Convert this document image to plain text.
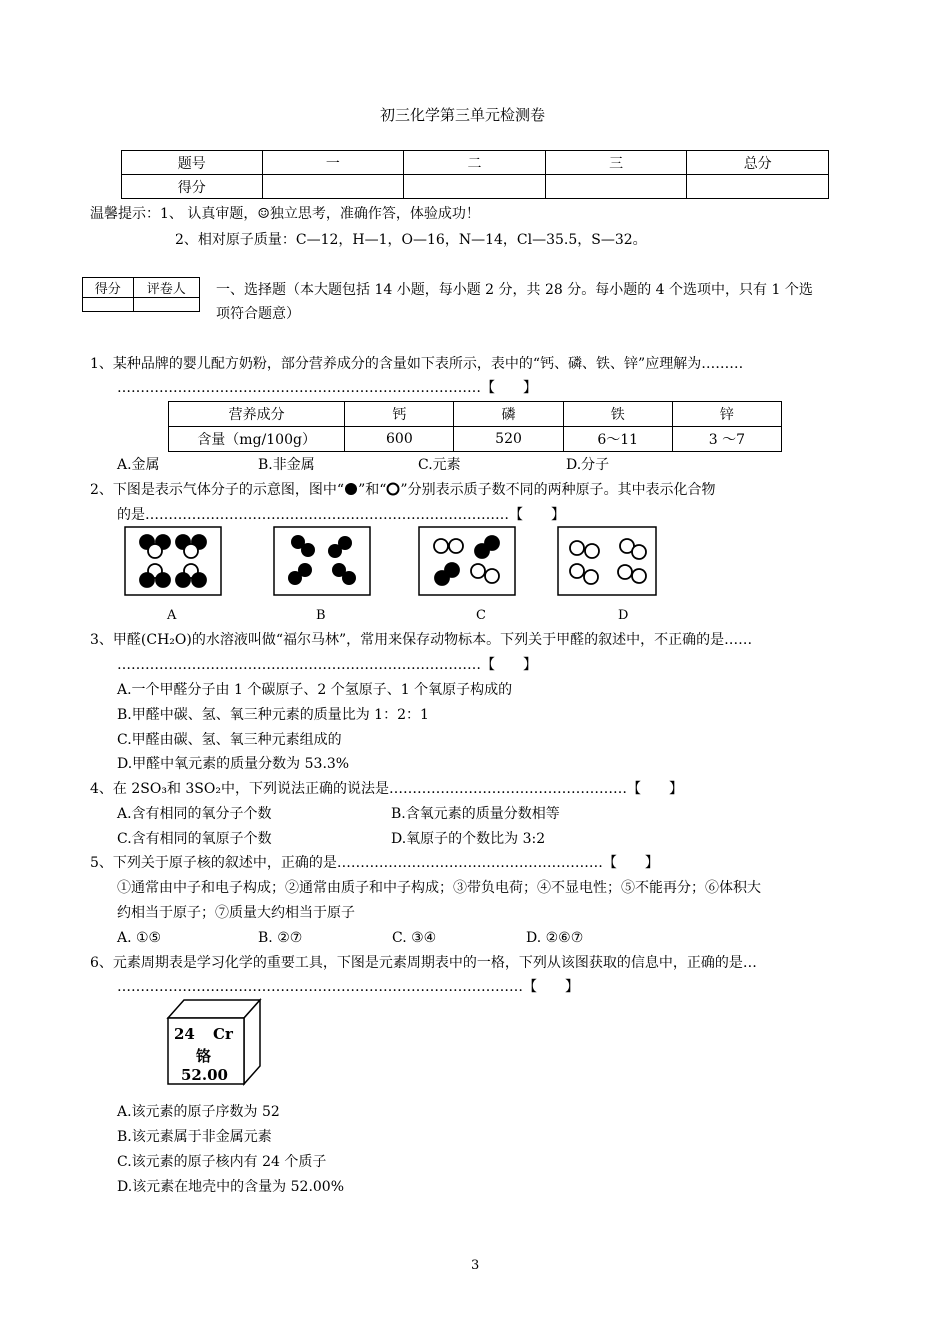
初三化学第三单元检测卷
题号	一	二	三	总分
得分				
温馨提示：1、 认真审题，☺独立思考，准确作答，体验成功！
2、相对原子质量：C—12，H—1，O—16，N—14，Cl—35.5，S—32。
得分	评卷人
	一、选择题（本大题包括 14 小题，每小题 2 分，共 28 分。每小题的 4 个选项中，只有 1 个选
项符合题意）
1、某种品牌的婴儿配方奶粉，部分营养成分的含量如下表所示，表中的“钙、磷、铁、锌”应理解为………
……………………………………………………………………【　　】
营养成分	钙	磷	铁	锌
含量（mg/100g）	600	520	6～11	3 ～7
A.金属	B.非金属	C.元素	D.分子
2、下图是表示气体分子的示意图，图中“ ”和“ ”分别表示质子数不同的两种原子。其中表示化合物
的是……………………………………………………………………【　　】
A	B	C	D
3、甲醛(CH₂O)的水溶液叫做“福尔马林”，常用来保存动物标本。下列关于甲醛的叙述中，不正确的是……
……………………………………………………………………【　　】
A.一个甲醛分子由 1 个碳原子、2 个氢原子、1 个氧原子构成的
B.甲醛中碳、氢、氧三种元素的质量比为 1：2：1
C.甲醛由碳、氢、氧三种元素组成的
D.甲醛中氧元素的质量分数为 53.3%
4、在 2SO₃和 3SO₂中，下列说法正确的说法是……………………………………………【　　】
A.含有相同的氧分子个数	B.含氧元素的质量分数相等
C.含有相同的氧原子个数	D.氧原子的个数比为 3:2
5、下列关于原子核的叙述中，正确的是…………………………………………………【　　】
①通常由中子和电子构成；②通常由质子和中子构成；③带负电荷；④不显电性；⑤不能再分；⑥体积大
约相当于原子；⑦质量大约相当于原子
A. ①⑤	B. ②⑦	C. ③④	D. ②⑥⑦
6、元素周期表是学习化学的重要工具，下图是元素周期表中的一格，下列从该图获取的信息中，正确的是…
……………………………………………………………………………【　　】
24 Cr
铬
52.00
A.该元素的原子序数为 52
B.该元素属于非金属元素
C.该元素的原子核内有 24 个质子
D.该元素在地壳中的含量为 52.00%
3
